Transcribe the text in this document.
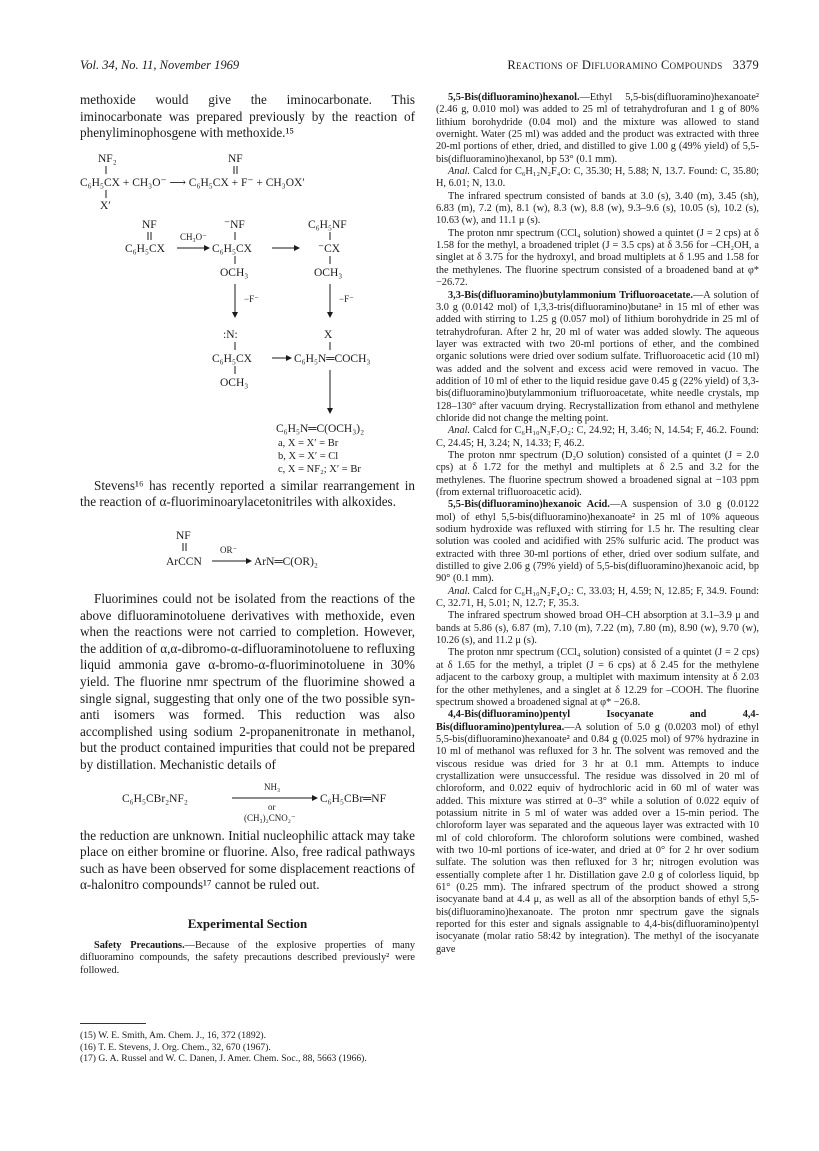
Vol. 34, No. 11, November 1969	Reactions of Difluoramino Compounds 3379

methoxide would give the iminocarbonate. This iminocarbonate was prepared previously by the reaction of phenyliminophosgene with methoxide.¹⁵

NF₂	NF
C₆H₅CX + CH₃O⁻ ⟶ C₆H₅CX + F⁻ + CH₃OX′
X′
NF	⁻NF	C₆H₅NF
CH₃O⁻
C₆H₅CX	C₆H₅CX	⁻CX
OCH₃	OCH₃
−F⁻	−F⁻
:N:	X
C₆H₅CX	C₆H₅N═COCH₃
OCH₃
C₆H₅N═C(OCH₃)₂
a, X = X′ = Br
b, X = X′ = Cl
c, X = NF₂; X′ = Br

Stevens¹⁶ has recently reported a similar rearrangement in the reaction of α-fluoriminoarylacetonitriles with alkoxides.

NF
OR⁻
ArCCN	ArN═C(OR)₂

Fluorimines could not be isolated from the reactions of the above difluoraminotoluene derivatives with methoxide, even when the reactions were not carried to completion. However, the addition of α,α-dibromo-α-difluoraminotoluene to refluxing liquid ammonia gave α-bromo-α-fluoriminotoluene in 30% yield. The fluorine nmr spectrum of the fluorimine showed a single signal, suggesting that only one of the two possible syn-anti isomers was formed. This reduction was also accomplished using sodium 2-propanenitronate in methanol, but the product contained impurities that could not be prepared by distillation. Mechanistic details of

NH₃
C₆H₅CBr₂NF₂	C₆H₅CBr═NF
or
(CH₃)₂CNO₂⁻

the reduction are unknown. Initial nucleophilic attack may take place on either bromine or fluorine. Also, free radical pathways such as have been observed for some displacement reactions of α-halonitro compounds¹⁷ cannot be ruled out.

Experimental Section

Safety Precautions.—Because of the explosive properties of many difluoramino compounds, the safety precautions described previously² were followed.

(15) W. E. Smith, Am. Chem. J., 16, 372 (1892).

(16) T. E. Stevens, J. Org. Chem., 32, 670 (1967).

(17) G. A. Russel and W. C. Danen, J. Amer. Chem. Soc., 88, 5663 (1966).

5,5-Bis(difluoramino)hexanol.—Ethyl 5,5-bis(difluoramino)hexanoate² (2.46 g, 0.010 mol) was added to 25 ml of tetrahydrofuran and 1 g of 80% lithium borohydride (0.04 mol) and the mixture was allowed to stand overnight. Water (25 ml) was added and the product was extracted with three 20-ml portions of ether, dried, and distilled to give 1.00 g (49% yield) of 5,5-bis(difluoramino)hexanol, bp 53° (0.1 mm).

Anal. Calcd for C₆H₁₂N₂F₄O: C, 35.30; H, 5.88; N, 13.7. Found: C, 35.80; H, 6.01; N, 13.0.

The infrared spectrum consisted of bands at 3.0 (s), 3.40 (m), 3.45 (sh), 6.83 (m), 7.2 (m), 8.1 (w), 8.3 (w), 8.8 (w), 9.3–9.6 (s), 10.05 (s), 10.2 (s), 10.63 (w), and 11.1 μ (s).

The proton nmr spectrum (CCl₄ solution) showed a quintet (J = 2 cps) at δ 1.58 for the methyl, a broadened triplet (J = 3.5 cps) at δ 3.56 for –CH₂OH, a singlet at δ 3.75 for the hydroxyl, and broad multiplets at δ 1.95 and 1.58 for the methylenes. The fluorine spectrum consisted of a broadened band at φ* −26.72.

3,3-Bis(difluoramino)butylammonium Trifluoroacetate.—A solution of 3.0 g (0.0142 mol) of 1,3,3-tris(difluoramino)butane² in 15 ml of ether was added with stirring to 1.25 g (0.057 mol) of lithium borohydride in 25 ml of tetrahydrofuran. After 2 hr, 20 ml of water was added slowly. The aqueous layer was extracted with two 20-ml portions of ether, and the combined organic solutions were dried over sodium sulfate. Trifluoroacetic acid (10 ml) was added and the solvent and excess acid were removed in vacuo. The addition of 10 ml of ether to the liquid residue gave 0.45 g (22% yield) of 3,3-bis(difluoramino)butylammonium trifluoroacetate, white needle crystals, mp 128–130° after vacuum drying. Recrystallization from ethanol and methylene chloride did not change the melting point.

Anal. Calcd for C₆H₁₀N₃F₇O₂: C, 24.92; H, 3.46; N, 14.54; F, 46.2. Found: C, 24.45; H, 3.24; N, 14.33; F, 46.2.

The proton nmr spectrum (D₂O solution) consisted of a quintet (J = 2.0 cps) at δ 1.72 for the methyl and multiplets at δ 2.5 and 3.2 for the methylenes. The fluorine spectrum showed a broadened signal at −103 ppm (from external trifluoroacetic acid).

5,5-Bis(difluoramino)hexanoic Acid.—A suspension of 3.0 g (0.0122 mol) of ethyl 5,5-bis(difluoramino)hexanoate² in 25 ml of 10% aqueous sodium hydroxide was refluxed with stirring for 1.5 hr. The resulting clear solution was cooled and acidified with 25% sulfuric acid. The product was extracted with three 30-ml portions of ether, dried over sodium sulfate, and distilled to give 2.06 g (79% yield) of 5,5-bis(difluoramino)hexanoic acid, bp 90° (0.1 mm).

Anal. Calcd for C₆H₁₀N₂F₄O₂: C, 33.03; H, 4.59; N, 12.85; F, 34.9. Found: C, 32.71, H, 5.01; N, 12.7; F, 35.3.

The infrared spectrum showed broad OH–CH absorption at 3.1–3.9 μ and bands at 5.86 (s), 6.87 (m), 7.10 (m), 7.22 (m), 7.80 (m), 8.90 (w), 9.70 (w), 10.26 (s), and 11.2 μ (s).

The proton nmr spectrum (CCl₄ solution) consisted of a quintet (J = 2 cps) at δ 1.65 for the methyl, a triplet (J = 6 cps) at δ 2.45 for the methylene adjacent to the carboxy group, a multiplet with maximum intensity at δ 2.03 for the other methylenes, and a singlet at δ 12.29 for –COOH. The fluorine spectrum showed a broadened signal at φ* −26.8.

4,4-Bis(difluoramino)pentyl Isocyanate and 4,4-Bis(difluoramino)pentylurea.—A solution of 5.0 g (0.0203 mol) of ethyl 5,5-bis(difluoramino)hexanoate² and 0.84 g (0.025 mol) of 97% hydrazine in 10 ml of methanol was refluxed for 3 hr. The solvent was removed and the viscous residue was dried for 3 hr at 0.1 mm. Attempts to induce crystallization were unsuccessful. The residue was dissolved in 20 ml of chloroform, and 0.022 equiv of hydrochloric acid in 60 ml of water was added. This mixture was stirred at 0–3° while a solution of 0.022 equiv of potassium nitrite in 5 ml of water was added over a 15-min period. The chloroform layer was separated and the aqueous layer was extracted with 10 ml of cold chloroform. The chloroform solutions were combined, washed with two 10-ml portions of ice-water, and dried at 0° for 2 hr over sodium sulfate. The solution was then refluxed for 3 hr; nitrogen evolution was essentially complete after 1 hr. Distillation gave 2.0 g of colorless liquid, bp 61° (0.25 mm). The infrared spectrum of the product showed a strong isocyanate band at 4.4 μ, as well as all of the absorption bands of ethyl 5,5-bis(difluoramino)hexanoate. The proton nmr spectrum gave the signals reported for this ester and signals assignable to 4,4-bis(difluoramino)pentyl isocyanate (molar ratio 58:42 by integration). The methyl of the isocyanate gave
